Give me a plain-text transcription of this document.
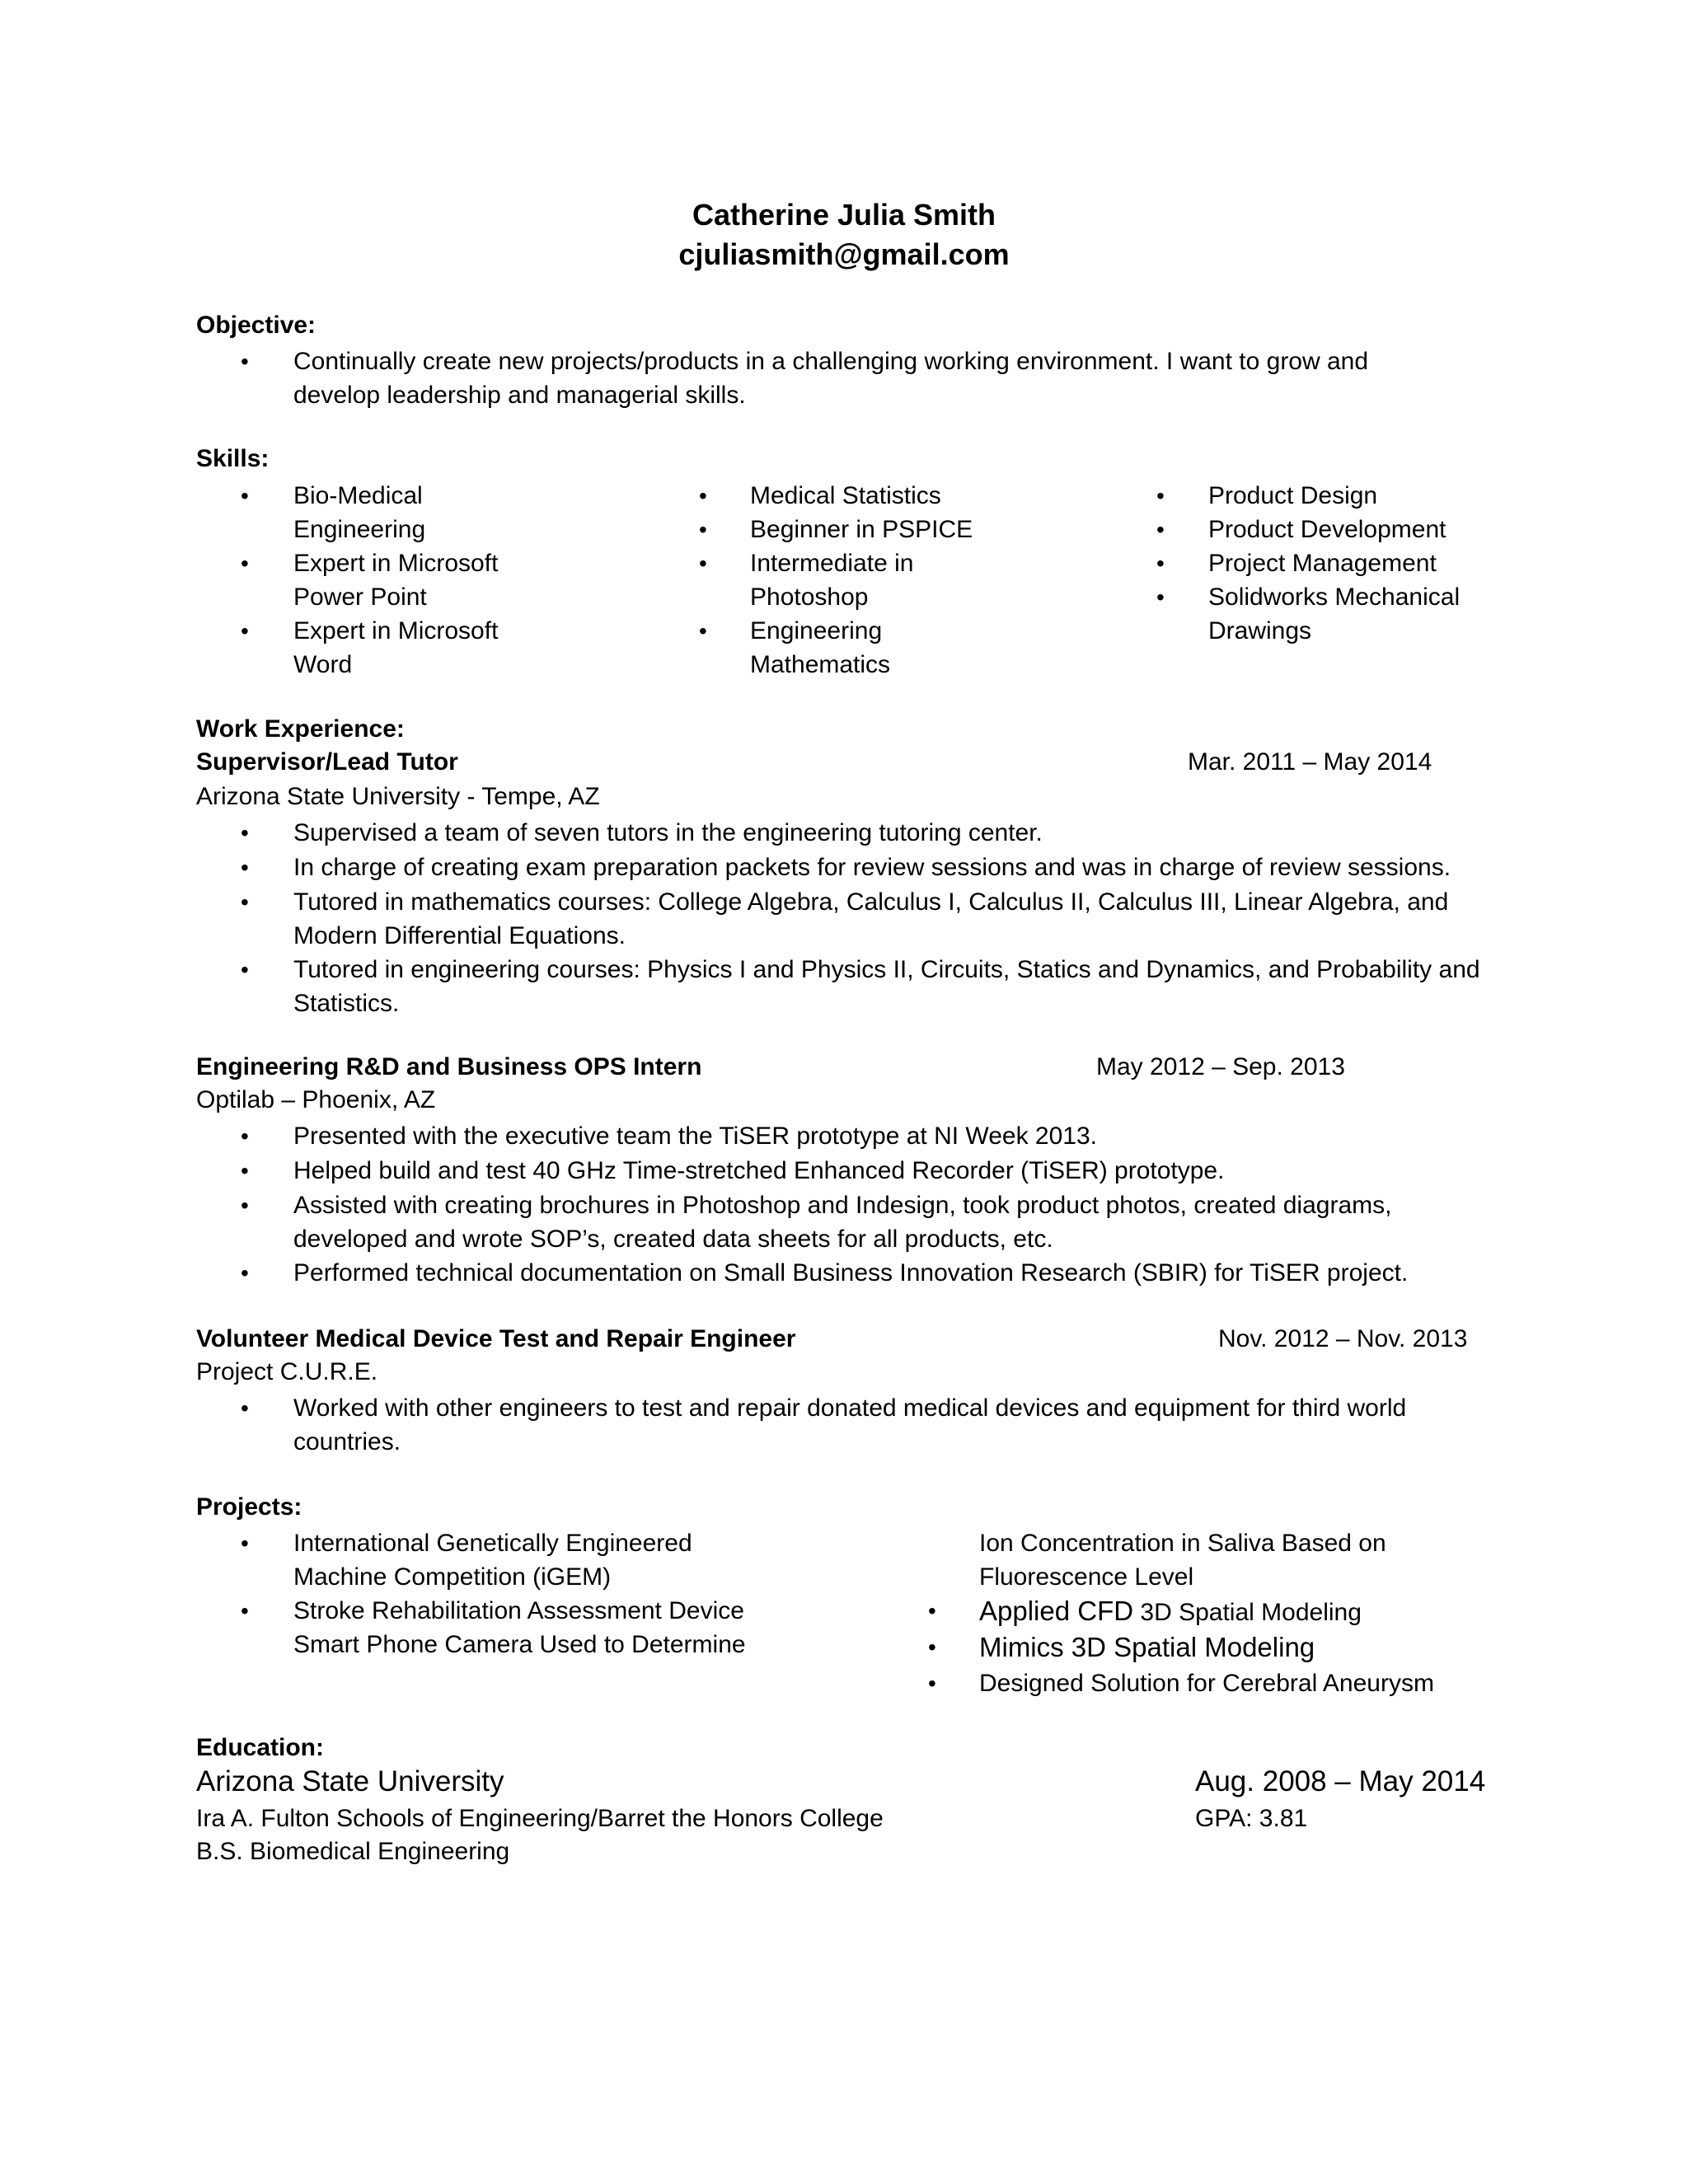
Catherine Julia Smith
cjuliasmith@gmail.com
Objective:
• Continually create new projects/products in a challenging working environment. I want to grow and
develop leadership and managerial skills.
Skills:
• Bio-Medical
Engineering
• Expert in Microsoft
Power Point
• Expert in Microsoft
Word
• Medical Statistics
• Beginner in PSPICE
• Intermediate in
Photoshop
• Engineering
Mathematics
• Product Design
• Product Development
• Project Management
• Solidworks Mechanical
Drawings
Work Experience:
Supervisor/Lead Tutor	Mar. 2011 – May 2014
Arizona State University - Tempe, AZ
• Supervised a team of seven tutors in the engineering tutoring center.
• In charge of creating exam preparation packets for review sessions and was in charge of review sessions.
• Tutored in mathematics courses: College Algebra, Calculus I, Calculus II, Calculus III, Linear Algebra, and
Modern Differential Equations.
• Tutored in engineering courses: Physics I and Physics II, Circuits, Statics and Dynamics, and Probability and
Statistics.
Engineering R&D and Business OPS Intern	May 2012 – Sep. 2013
Optilab – Phoenix, AZ
• Presented with the executive team the TiSER prototype at NI Week 2013.
• Helped build and test 40 GHz Time-stretched Enhanced Recorder (TiSER) prototype.
• Assisted with creating brochures in Photoshop and Indesign, took product photos, created diagrams,
developed and wrote SOP’s, created data sheets for all products, etc.
• Performed technical documentation on Small Business Innovation Research (SBIR) for TiSER project.
Volunteer Medical Device Test and Repair Engineer	Nov. 2012 – Nov. 2013
Project C.U.R.E.
• Worked with other engineers to test and repair donated medical devices and equipment for third world
countries.
Projects:
• International Genetically Engineered
Machine Competition (iGEM)
• Stroke Rehabilitation Assessment Device
Smart Phone Camera Used to Determine
Ion Concentration in Saliva Based on
Fluorescence Level
• Applied CFD 3D Spatial Modeling
• Mimics 3D Spatial Modeling
• Designed Solution for Cerebral Aneurysm
Education:
Arizona State University	Aug. 2008 – May 2014
Ira A. Fulton Schools of Engineering/Barret the Honors College	GPA: 3.81
B.S. Biomedical Engineering
